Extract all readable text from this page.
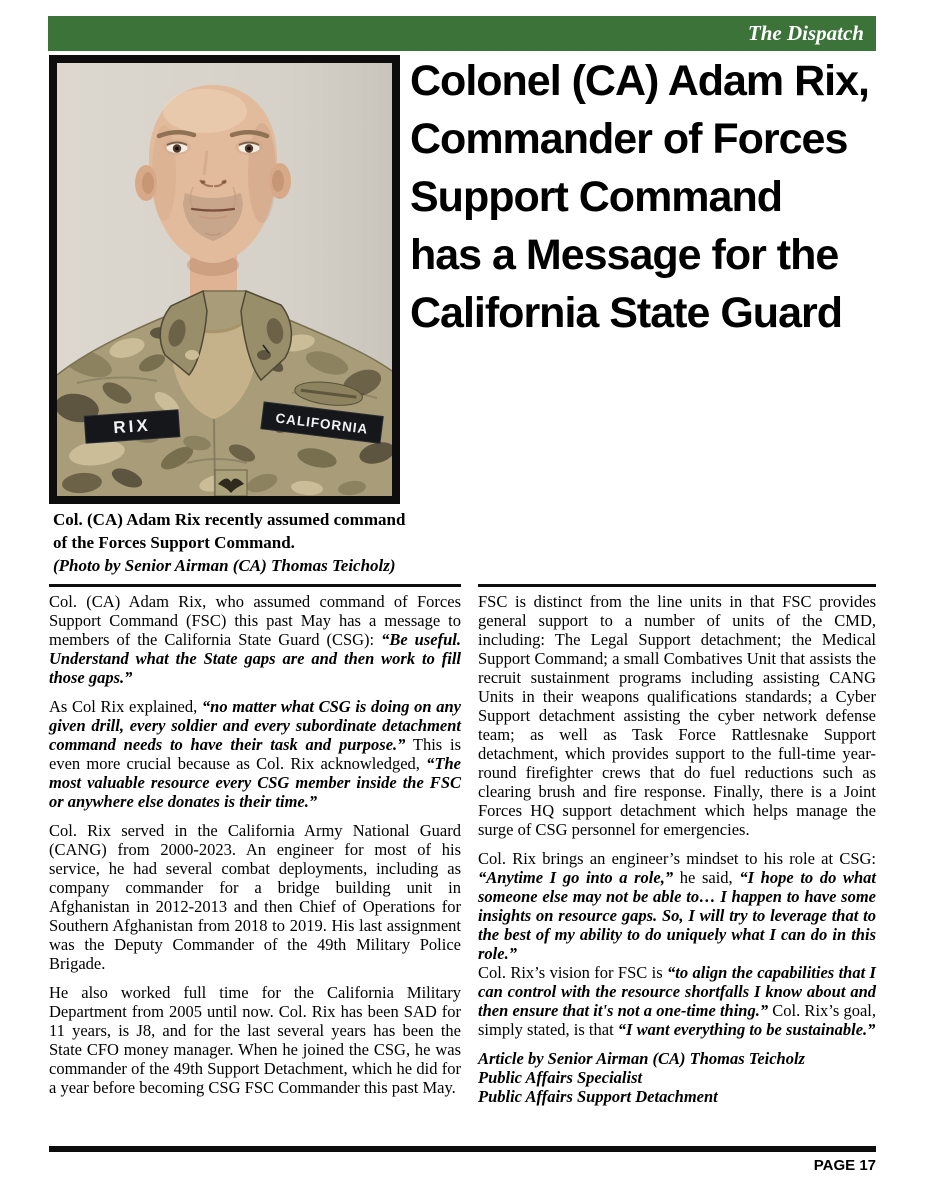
The Dispatch
RIX	CALIFORNIA
Colonel (CA) Adam Rix,
Commander of Forces
Support Command
has a Message for the
California State Guard
Col. (CA) Adam Rix recently assumed command
of the Forces Support Command.
(Photo by Senior Airman (CA) Thomas Teicholz)

Col. (CA) Adam Rix, who assumed command of Forces Support Command (FSC) this past May has a message to members of the California State Guard (CSG): “Be useful. Understand what the State gaps are and then work to fill those gaps.”

As Col Rix explained, “no matter what CSG is doing on any given drill, every soldier and every subordinate detachment command needs to have their task and purpose.” This is even more crucial because as Col. Rix acknowledged, “The most valuable resource every CSG member inside the FSC or anywhere else donates is their time.”

Col. Rix served in the California Army National Guard (CANG) from 2000-2023. An engineer for most of his service, he had several combat deployments, including as company commander for a bridge building unit in Afghanistan in 2012-2013 and then Chief of Operations for Southern Afghanistan from 2018 to 2019. His last assignment was the Deputy Commander of the 49th Military Police Brigade.

He also worked full time for the California Military Department from 2005 until now. Col. Rix has been SAD for 11 years, is J8, and for the last several years has been the State CFO money manager. When he joined the CSG, he was commander of the 49th Support Detachment, which he did for a year before becoming CSG FSC Commander this past May.

FSC is distinct from the line units in that FSC provides general support to a number of units of the CMD, including: The Legal Support detachment; the Medical Support Command; a small Combatives Unit that assists the recruit sustainment programs including assisting CANG Units in their weapons qualifications standards; a Cyber Support detachment assisting the cyber network defense team; as well as Task Force Rattlesnake Support detachment, which provides support to the full-time year-round firefighter crews that do fuel reductions such as clearing brush and fire response. Finally, there is a Joint Forces HQ support detachment which helps manage the surge of CSG personnel for emergencies.

Col. Rix brings an engineer’s mindset to his role at CSG: “Anytime I go into a role,” he said, “I hope to do what someone else may not be able to… I happen to have some insights on resource gaps. So, I will try to leverage that to the best of my ability to do uniquely what I can do in this role.”
Col. Rix’s vision for FSC is “to align the capabilities that I can control with the resource shortfalls I know about and then ensure that it's not a one-time thing.” Col. Rix’s goal, simply stated, is that “I want everything to be sustainable.”

Article by Senior Airman (CA) Thomas Teicholz
Public Affairs Specialist
Public Affairs Support Detachment
PAGE 17
